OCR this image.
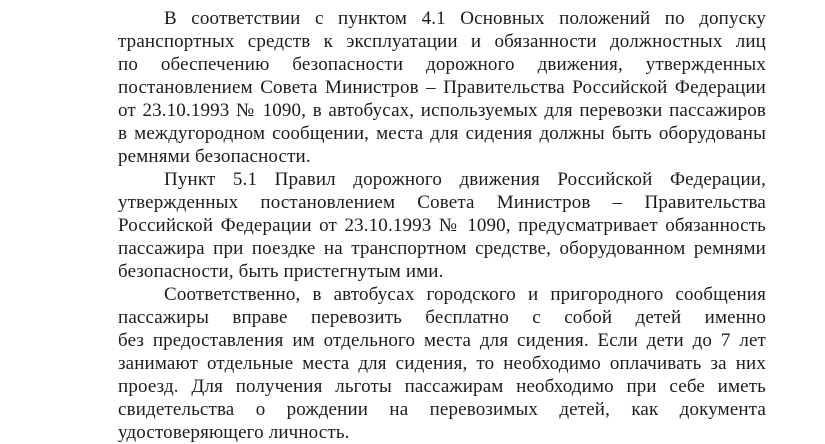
В соответствии с пунктом 4.1 Основных положений по допуску
транспортных средств к эксплуатации и обязанности должностных лиц
по обеспечению безопасности дорожного движения, утвержденных
постановлением Совета Министров – Правительства Российской Федерации
от 23.10.1993 № 1090, в автобусах, используемых для перевозки пассажиров
в междугородном сообщении, места для сидения должны быть оборудованы
ремнями безопасности.
Пункт 5.1 Правил дорожного движения Российской Федерации,
утвержденных постановлением Совета Министров – Правительства
Российской Федерации от 23.10.1993 № 1090, предусматривает обязанность
пассажира при поездке на транспортном средстве, оборудованном ремнями
безопасности, быть пристегнутым ими.
Соответственно, в автобусах городского и пригородного сообщения
пассажиры вправе перевозить бесплатно с собой детей именно
без предоставления им отдельного места для сидения. Если дети до 7 лет
занимают отдельные места для сидения, то необходимо оплачивать за них
проезд. Для получения льготы пассажирам необходимо при себе иметь
свидетельства о рождении на перевозимых детей, как документа
удостоверяющего личность.
